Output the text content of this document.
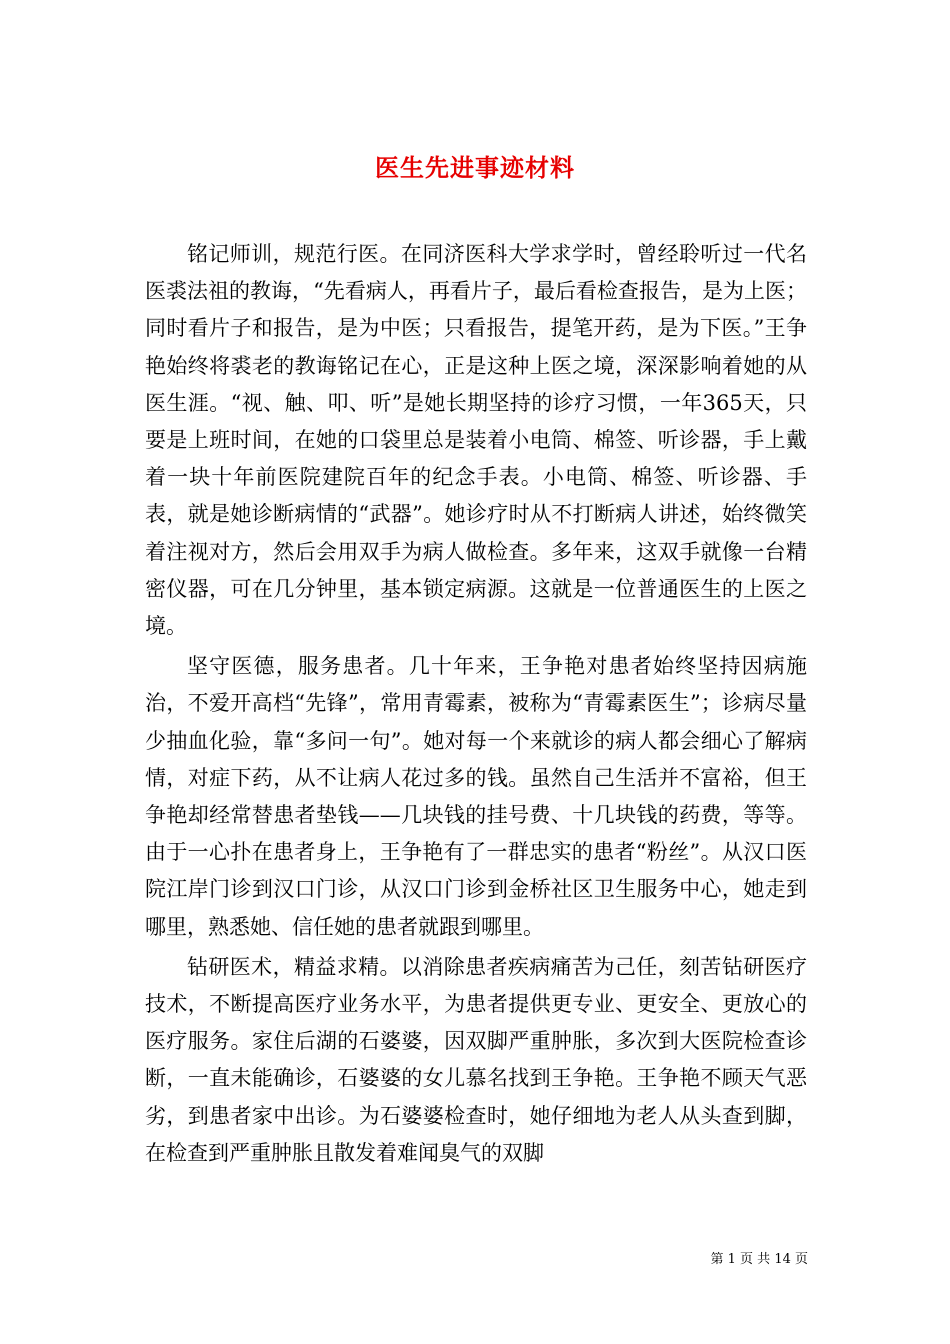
医生先进事迹材料

铭记师训，规范行医。在同济医科大学求学时，曾经聆听过一代名医裘法祖的教诲，“先看病人，再看片子，最后看检查报告，是为上医；同时看片子和报告，是为中医；只看报告，提笔开药，是为下医。”王争艳始终将裘老的教诲铭记在心，正是这种上医之境，深深影响着她的从医生涯。“视、触、叩、听”是她长期坚持的诊疗习惯，一年365天，只要是上班时间，在她的口袋里总是装着小电筒、棉签、听诊器，手上戴着一块十年前医院建院百年的纪念手表。小电筒、棉签、听诊器、手表，就是她诊断病情的“武器”。她诊疗时从不打断病人讲述，始终微笑着注视对方，然后会用双手为病人做检查。多年来，这双手就像一台精密仪器，可在几分钟里，基本锁定病源。这就是一位普通医生的上医之境。

坚守医德，服务患者。几十年来，王争艳对患者始终坚持因病施治，不爱开高档“先锋”，常用青霉素，被称为“青霉素医生”；诊病尽量少抽血化验，靠“多问一句”。她对每一个来就诊的病人都会细心了解病情，对症下药，从不让病人花过多的钱。虽然自己生活并不富裕，但王争艳却经常替患者垫钱——几块钱的挂号费、十几块钱的药费，等等。由于一心扑在患者身上，王争艳有了一群忠实的患者“粉丝”。从汉口医院江岸门诊到汉口门诊，从汉口门诊到金桥社区卫生服务中心，她走到哪里，熟悉她、信任她的患者就跟到哪里。

钻研医术，精益求精。以消除患者疾病痛苦为己任，刻苦钻研医疗技术，不断提高医疗业务水平，为患者提供更专业、更安全、更放心的医疗服务。家住后湖的石婆婆，因双脚严重肿胀，多次到大医院检查诊断，一直未能确诊，石婆婆的女儿慕名找到王争艳。王争艳不顾天气恶劣，到患者家中出诊。为石婆婆检查时，她仔细地为老人从头查到脚，在检查到严重肿胀且散发着难闻臭气的双脚

第 1 页 共 14 页
